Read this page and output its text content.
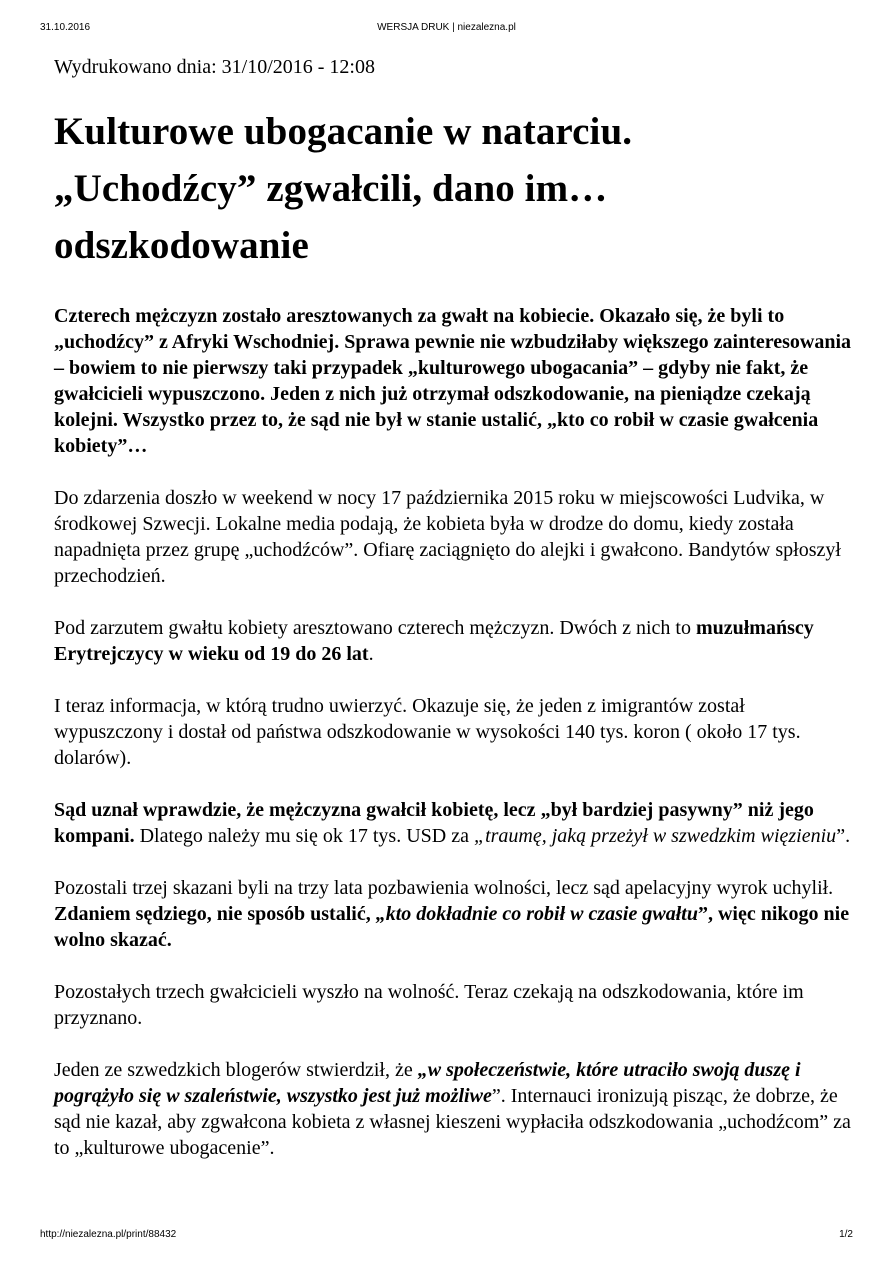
31.10.2016	WERSJA DRUK | niezalezna.pl

Wydrukowano dnia: 31/10/2016 - 12:08

Kulturowe ubogacanie w natarciu.
„Uchodźcy” zgwałcili, dano im…
odszkodowanie

Czterech mężczyzn zostało aresztowanych za gwałt na kobiecie. Okazało się, że byli to „uchodźcy” z Afryki Wschodniej. Sprawa pewnie nie wzbudziłaby większego zainteresowania – bowiem to nie pierwszy taki przypadek „kulturowego ubogacania” – gdyby nie fakt, że gwałcicieli wypuszczono. Jeden z nich już otrzymał odszkodowanie, na pieniądze czekają kolejni. Wszystko przez to, że sąd nie był w stanie ustalić, „kto co robił w czasie gwałcenia kobiety”…

Do zdarzenia doszło w weekend w nocy 17 października 2015 roku w miejscowości Ludvika, w środkowej Szwecji. Lokalne media podają, że kobieta była w drodze do domu, kiedy została napadnięta przez grupę „uchodźców”. Ofiarę zaciągnięto do alejki i gwałcono. Bandytów spłoszył przechodzień.

Pod zarzutem gwałtu kobiety aresztowano czterech mężczyzn. Dwóch z nich to muzułmańscy Erytrejczycy w wieku od 19 do 26 lat.

I teraz informacja, w którą trudno uwierzyć. Okazuje się, że jeden z imigrantów został wypuszczony i dostał od państwa odszkodowanie w wysokości 140 tys. koron ( około 17 tys. dolarów).

Sąd uznał wprawdzie, że mężczyzna gwałcił kobietę, lecz „był bardziej pasywny” niż jego kompani. Dlatego należy mu się ok 17 tys. USD za „traumę, jaką przeżył w szwedzkim więzieniu”.

Pozostali trzej skazani byli na trzy lata pozbawienia wolności, lecz sąd apelacyjny wyrok uchylił. Zdaniem sędziego, nie sposób ustalić, „kto dokładnie co robił w czasie gwałtu”, więc nikogo nie wolno skazać.

Pozostałych trzech gwałcicieli wyszło na wolność. Teraz czekają na odszkodowania, które im przyznano.

Jeden ze szwedzkich blogerów stwierdził, że „w społeczeństwie, które utraciło swoją duszę i pogrążyło się w szaleństwie, wszystko jest już możliwe”. Internauci ironizują pisząc, że dobrze, że sąd nie kazał, aby zgwałcona kobieta z własnej kieszeni wypłaciła odszkodowania „uchodźcom” za to „kulturowe ubogacenie”.

http://niezalezna.pl/print/88432	1/2
